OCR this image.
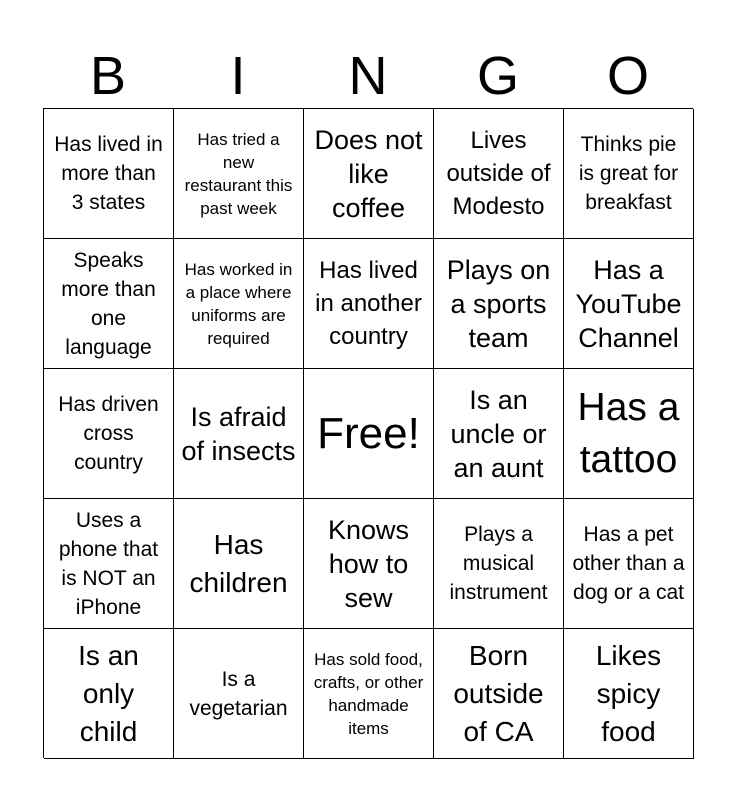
B	I	N	G	O
Has lived in more than 3 states
Has tried a new restaurant this past week
Does not like coffee
Lives outside of Modesto
Thinks pie is great for breakfast
Speaks more than one language
Has worked in a place where uniforms are required
Has lived in another country
Plays on a sports team
Has a YouTube Channel
Has driven cross country
Is afraid of insects Free!
Is an uncle or an aunt
Has a tattoo
Uses a phone that is NOT an iPhone
Has children
Knows how to sew
Plays a musical instrument
Has a pet other than a dog or a cat
Is an only child
Is a vegetarian
Has sold food, crafts, or other handmade items
Born outside of CA
Likes spicy food
